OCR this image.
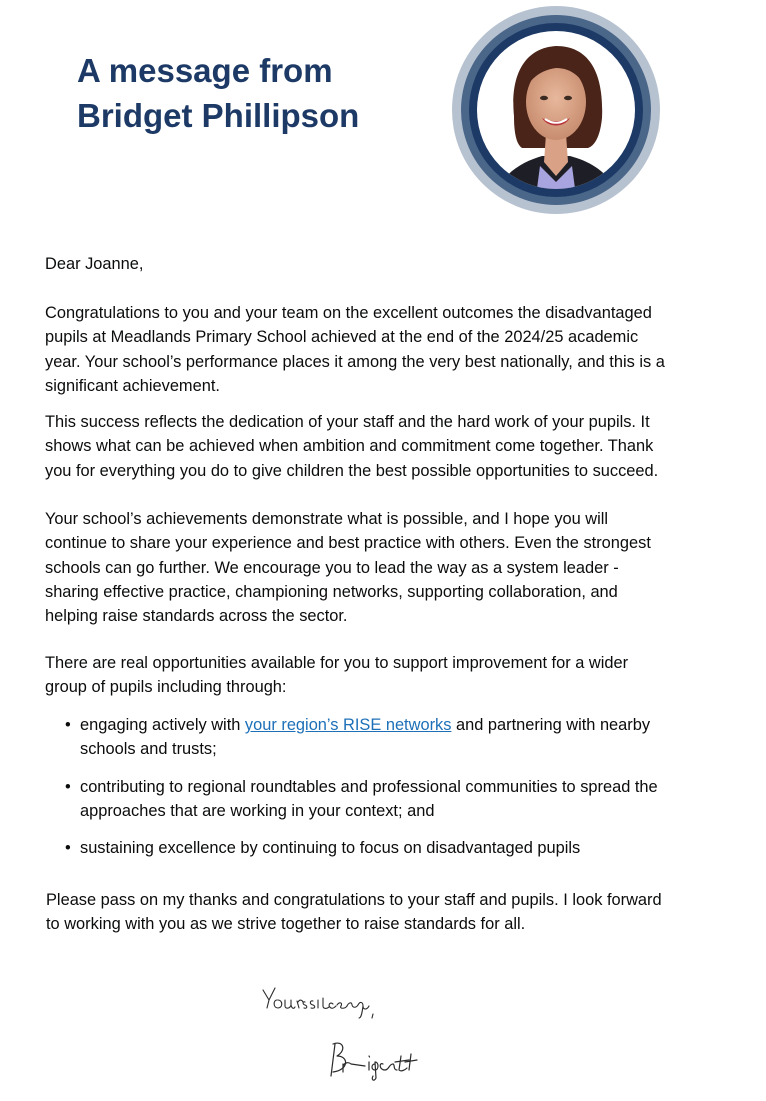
A message from
Bridget Phillipson

Dear Joanne,

Congratulations to you and your team on the excellent outcomes the disadvantaged pupils at Meadlands Primary School achieved at the end of the 2024/25 academic year. Your school’s performance places it among the very best nationally, and this is a significant achievement.

This success reflects the dedication of your staff and the hard work of your pupils. It shows what can be achieved when ambition and commitment come together. Thank you for everything you do to give children the best possible opportunities to succeed.

Your school’s achievements demonstrate what is possible, and I hope you will continue to share your experience and best practice with others. Even the strongest schools can go further. We encourage you to lead the way as a system leader - sharing effective practice, championing networks, supporting collaboration, and helping raise standards across the sector.

There are real opportunities available for you to support improvement for a wider group of pupils including through:

• engaging actively with your region’s RISE networks and partnering with nearby schools and trusts;
• contributing to regional roundtables and professional communities to spread the approaches that are working in your context; and
• sustaining excellence by continuing to focus on disadvantaged pupils

Please pass on my thanks and congratulations to your staff and pupils. I look forward to working with you as we strive together to raise standards for all.
